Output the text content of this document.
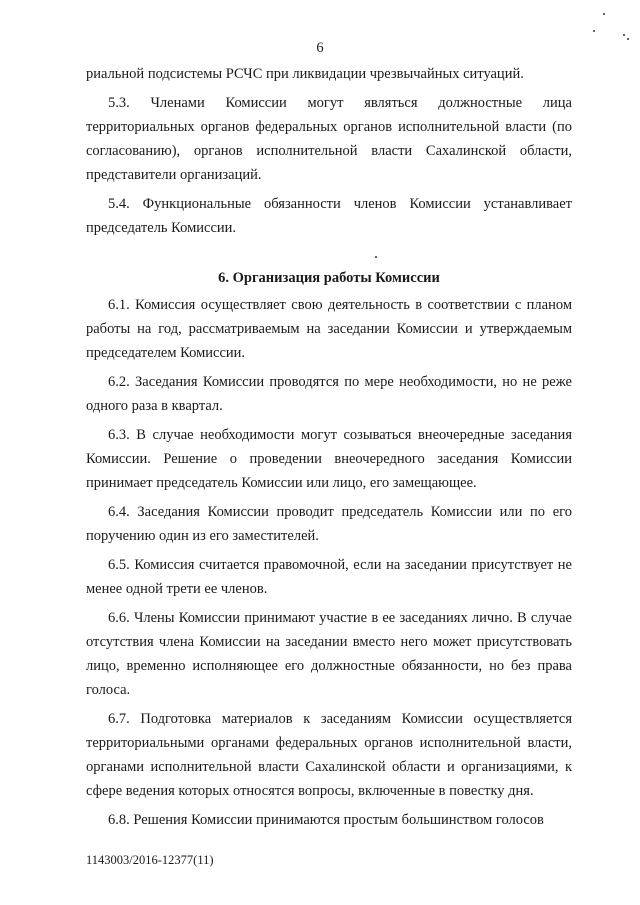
6

риальной подсистемы РСЧС при ликвидации чрезвычайных ситуаций.

5.3. Членами Комиссии могут являться должностные лица территориальных органов федеральных органов исполнительной власти (по согласованию), органов исполнительной власти Сахалинской области, представители организаций.

5.4. Функциональные обязанности членов Комиссии устанавливает председатель Комиссии.

6. Организация работы Комиссии

6.1. Комиссия осуществляет свою деятельность в соответствии с планом работы на год, рассматриваемым на заседании Комиссии и утверждаемым председателем Комиссии.

6.2. Заседания Комиссии проводятся по мере необходимости, но не реже одного раза в квартал.

6.3. В случае необходимости могут созываться внеочередные заседания Комиссии. Решение о проведении внеочередного заседания Комиссии принимает председатель Комиссии или лицо, его замещающее.

6.4. Заседания Комиссии проводит председатель Комиссии или по его поручению один из его заместителей.

6.5. Комиссия считается правомочной, если на заседании присутствует не менее одной трети ее членов.

6.6. Члены Комиссии принимают участие в ее заседаниях лично. В случае отсутствия члена Комиссии на заседании вместо него может присутствовать лицо, временно исполняющее его должностные обязанности, но без права голоса.

6.7. Подготовка материалов к заседаниям Комиссии осуществляется территориальными органами федеральных органов исполнительной власти, органами исполнительной власти Сахалинской области и организациями, к сфере ведения которых относятся вопросы, включенные в повестку дня.

6.8. Решения Комиссии принимаются простым большинством голосов

1143003/2016-12377(11)
